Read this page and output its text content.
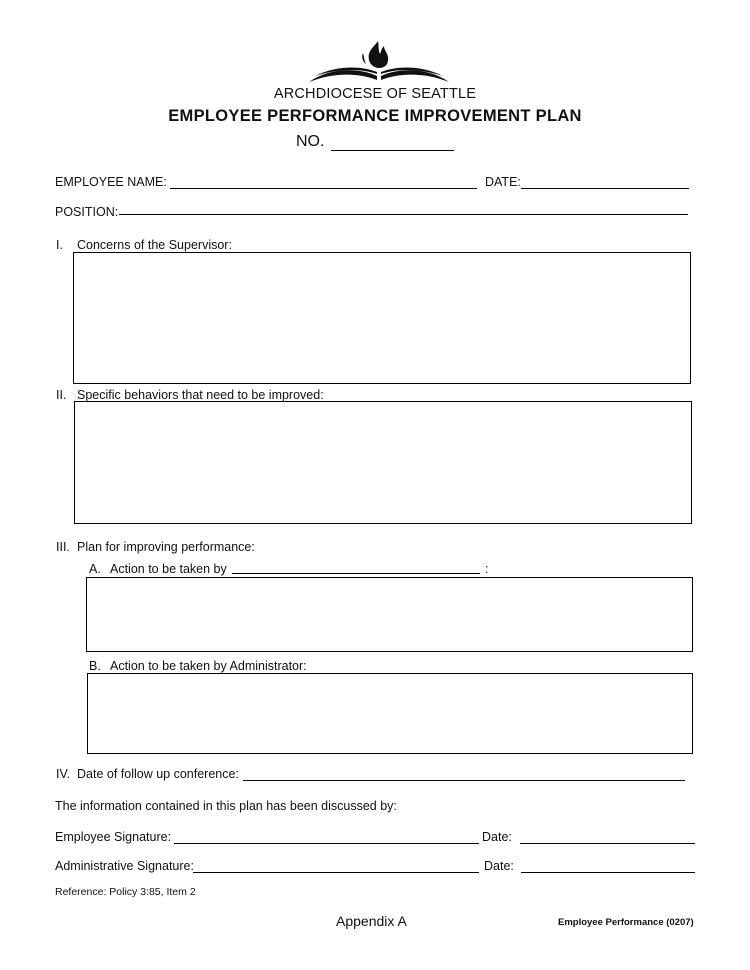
ARCHDIOCESE OF SEATTLE
EMPLOYEE PERFORMANCE IMPROVEMENT PLAN
NO.
EMPLOYEE NAME:	DATE:
POSITION:
I. Concerns of the Supervisor:
II. Specific behaviors that need to be improved:
III. Plan for improving performance:
A. Action to be taken by	:
B. Action to be taken by Administrator:
IV. Date of follow up conference:
The information contained in this plan has been discussed by:
Employee Signature:	Date:
Administrative Signature:	Date:
Reference: Policy 3:85, Item 2
Appendix A	Employee Performance (0207)
